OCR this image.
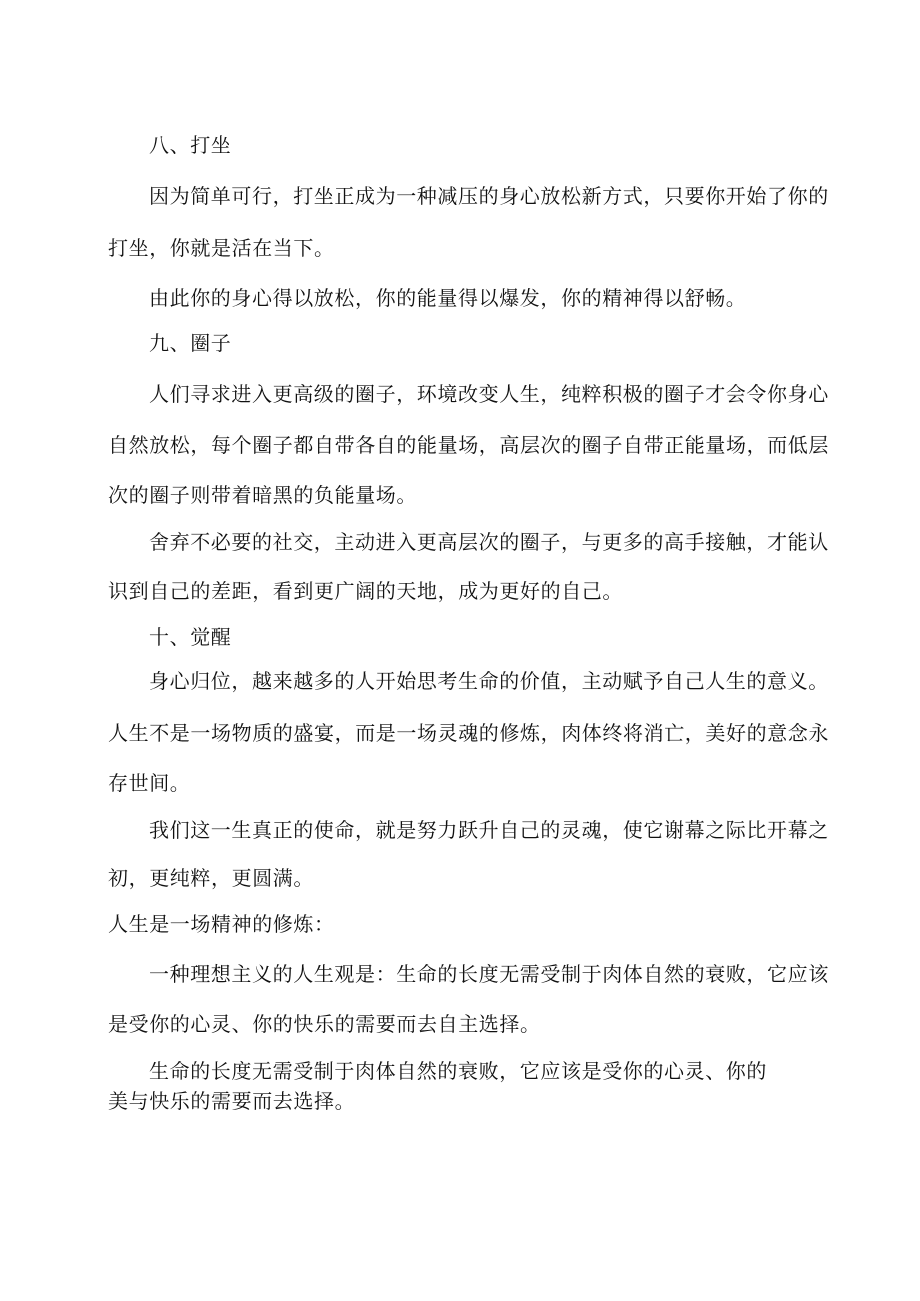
八、打坐
因为简单可行，打坐正成为一种减压的身心放松新方式，只要你开始了你的
打坐，你就是活在当下。
由此你的身心得以放松，你的能量得以爆发，你的精神得以舒畅。
九、圈子
人们寻求进入更高级的圈子，环境改变人生，纯粹积极的圈子才会令你身心
自然放松，每个圈子都自带各自的能量场，高层次的圈子自带正能量场，而低层
次的圈子则带着暗黑的负能量场。
舍弃不必要的社交，主动进入更高层次的圈子，与更多的高手接触，才能认
识到自己的差距，看到更广阔的天地，成为更好的自己。
十、觉醒
身心归位，越来越多的人开始思考生命的价值，主动赋予自己人生的意义。
人生不是一场物质的盛宴，而是一场灵魂的修炼，肉体终将消亡，美好的意念永
存世间。
我们这一生真正的使命，就是努力跃升自己的灵魂，使它谢幕之际比开幕之
初，更纯粹，更圆满。
人生是一场精神的修炼：
一种理想主义的人生观是：生命的长度无需受制于肉体自然的衰败，它应该
是受你的心灵、你的快乐的需要而去自主选择。
生命的长度无需受制于肉体自然的衰败，它应该是受你的心灵、你的
美与快乐的需要而去选择。
